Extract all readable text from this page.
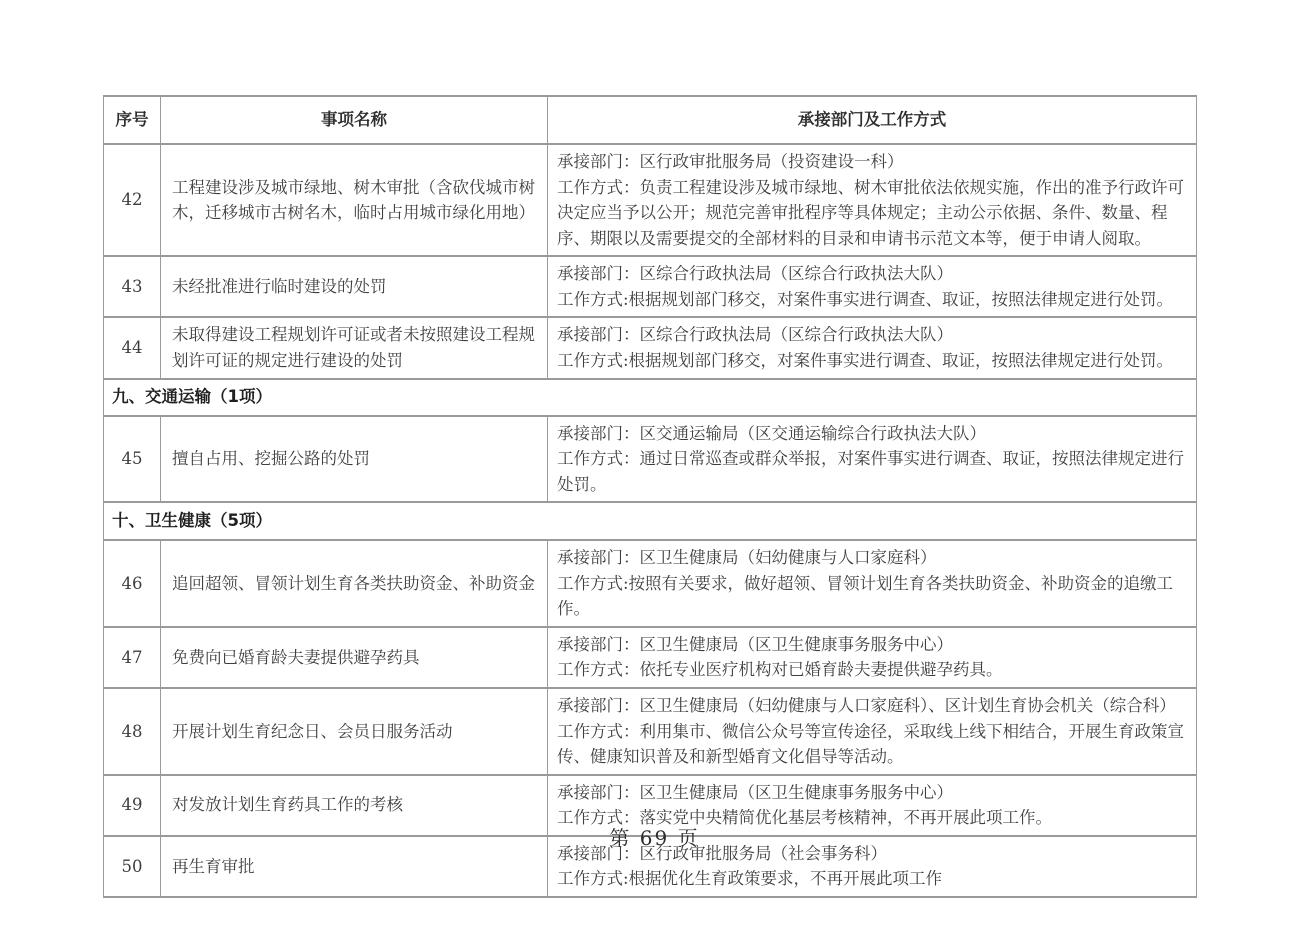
序号	事项名称	承接部门及工作方式
42	工程建设涉及城市绿地、树木审批（含砍伐城市树木，迁移城市古树名木，临时占用城市绿化用地）	承接部门：区行政审批服务局（投资建设一科）
工作方式：负责工程建设涉及城市绿地、树木审批依法依规实施，作出的准予行政许可决定应当予以公开；规范完善审批程序等具体规定；主动公示依据、条件、数量、程序、期限以及需要提交的全部材料的目录和申请书示范文本等，便于申请人阅取。

43	未经批准进行临时建设的处罚	承接部门：区综合行政执法局（区综合行政执法大队）
工作方式:根据规划部门移交，对案件事实进行调查、取证，按照法律规定进行处罚。

44	未取得建设工程规划许可证或者未按照建设工程规划许可证的规定进行建设的处罚	承接部门：区综合行政执法局（区综合行政执法大队）
工作方式:根据规划部门移交，对案件事实进行调查、取证，按照法律规定进行处罚。

九、交通运输（1项）		
45	擅自占用、挖掘公路的处罚	承接部门：区交通运输局（区交通运输综合行政执法大队）
工作方式：通过日常巡查或群众举报，对案件事实进行调查、取证，按照法律规定进行处罚。

十、卫生健康（5项）		
46	追回超领、冒领计划生育各类扶助资金、补助资金	承接部门：区卫生健康局（妇幼健康与人口家庭科）
工作方式:按照有关要求，做好超领、冒领计划生育各类扶助资金、补助资金的追缴工作。

47	免费向已婚育龄夫妻提供避孕药具	承接部门：区卫生健康局（区卫生健康事务服务中心）
工作方式：依托专业医疗机构对已婚育龄夫妻提供避孕药具。

48	开展计划生育纪念日、会员日服务活动	承接部门：区卫生健康局（妇幼健康与人口家庭科）、区计划生育协会机关（综合科）
工作方式：利用集市、微信公众号等宣传途径，采取线上线下相结合，开展生育政策宣传、健康知识普及和新型婚育文化倡导等活动。

49	对发放计划生育药具工作的考核	承接部门：区卫生健康局（区卫生健康事务服务中心）
工作方式：落实党中央精简优化基层考核精神，不再开展此项工作。

50	再生育审批	承接部门：区行政审批服务局（社会事务科）
工作方式:根据优化生育政策要求，不再开展此项工作
第 69 页
